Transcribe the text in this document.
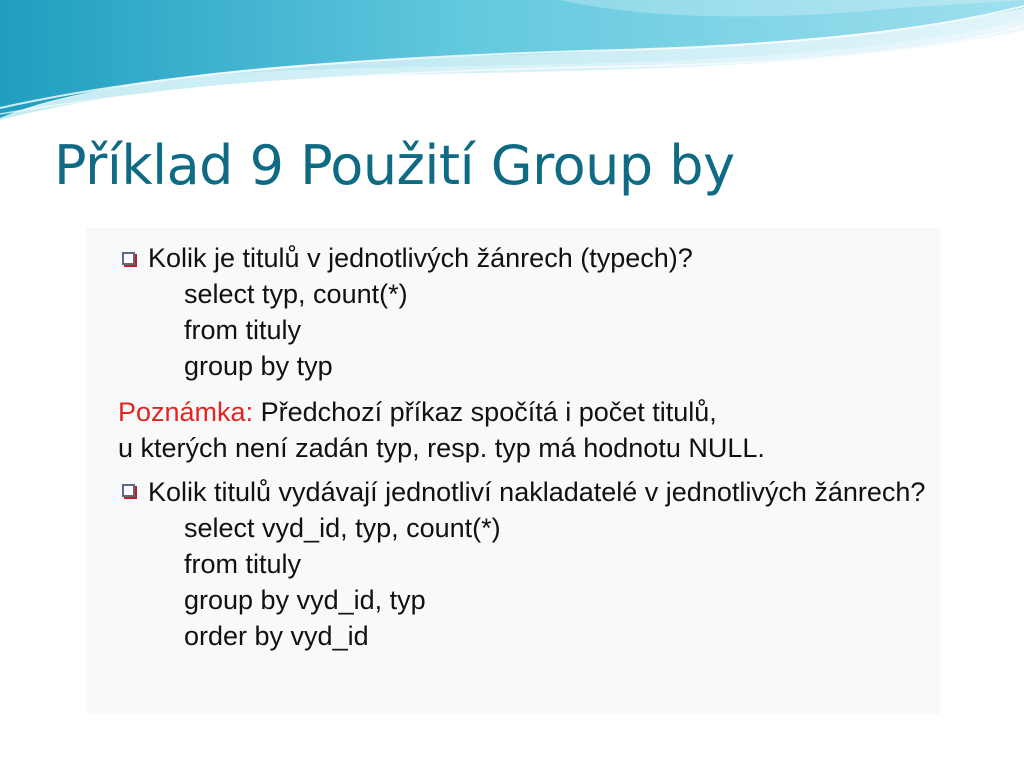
Příklad 9 Použití Group by
Kolik je titulů v jednotlivých žánrech (typech)?
select typ, count(*)
from tituly
group by typ
Poznámka: Předchozí příkaz spočítá i počet titulů,
u kterých není zadán typ, resp. typ má hodnotu NULL.
Kolik titulů vydávají jednotliví nakladatelé v jednotlivých žánrech?
select vyd_id, typ, count(*)
from tituly
group by vyd_id, typ
order by vyd_id
